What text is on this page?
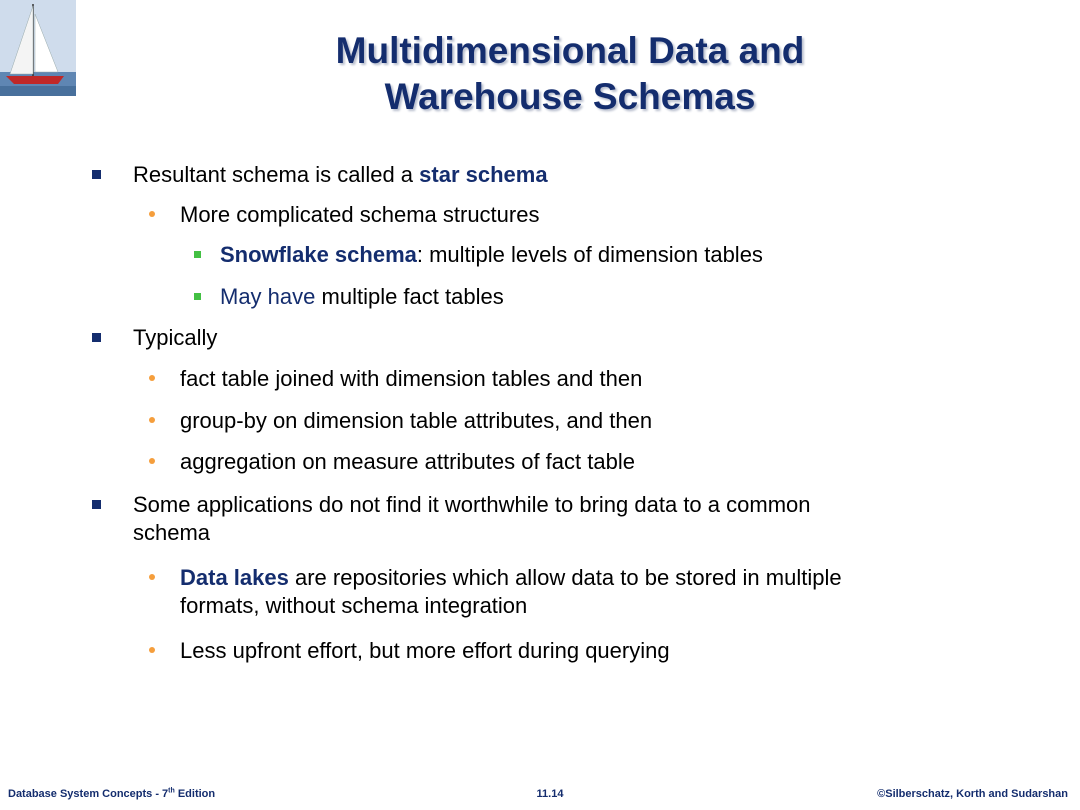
Multidimensional Data and
Warehouse Schemas
Resultant schema is called a star schema
More complicated schema structures
Snowflake schema: multiple levels of dimension tables
May have multiple fact tables
Typically
fact table joined with dimension tables and then
group-by on dimension table attributes, and then
aggregation on measure attributes of fact table
Some applications do not find it worthwhile to bring data to a common
schema
Data lakes are repositories which allow data to be stored in multiple
formats, without schema integration
Less upfront effort, but more effort during querying
Database System Concepts - 7th Edition	11.14	©Silberschatz, Korth and Sudarshan
